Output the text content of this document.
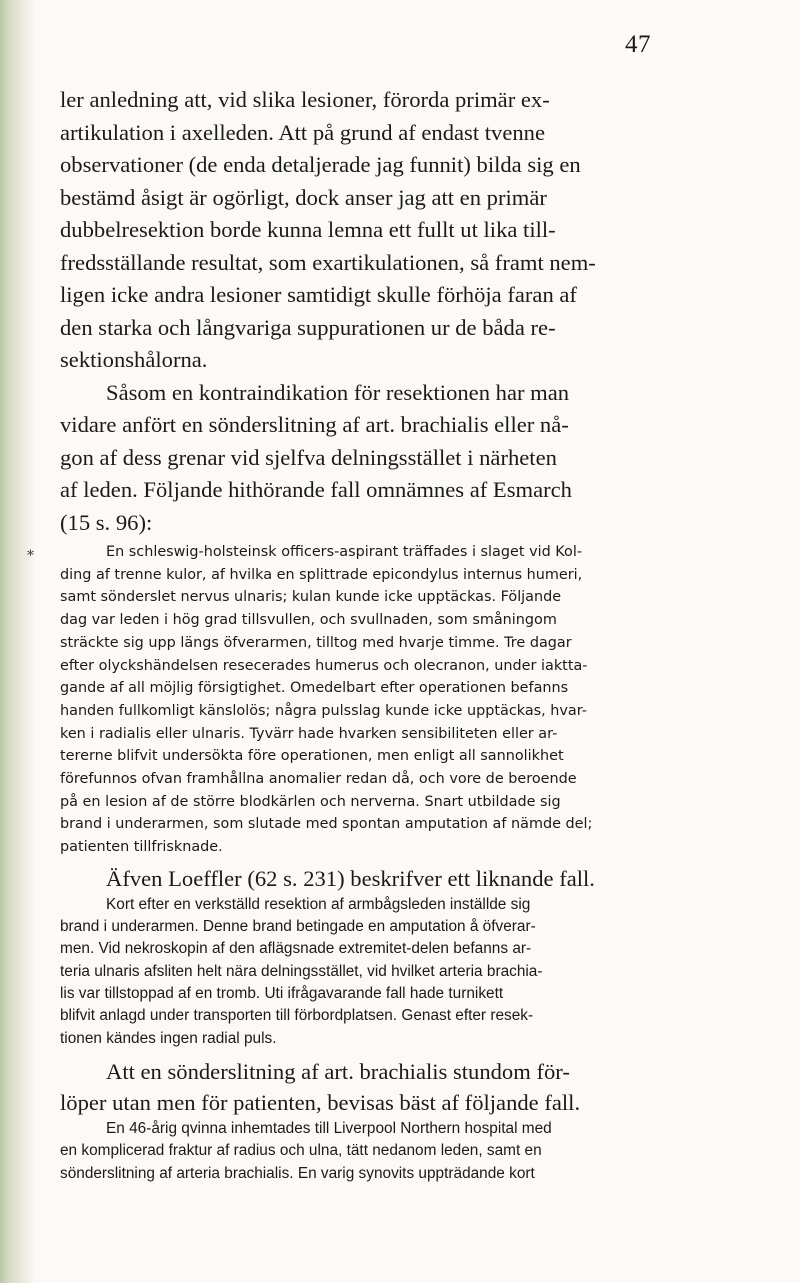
*
47
ler anledning att, vid slika lesioner, förorda primär ex-
artikulation i axelleden. Att på grund af endast tvenne
observationer (de enda detaljerade jag funnit) bilda sig en
bestämd åsigt är ogörligt, dock anser jag att en primär
dubbelresektion borde kunna lemna ett fullt ut lika till-
fredsställande resultat, som exartikulationen, så framt nem-
ligen icke andra lesioner samtidigt skulle förhöja faran af
den starka och långvariga suppurationen ur de båda re-
sektionshålorna.
Såsom en kontraindikation för resektionen har man
vidare anfört en sönderslitning af art. brachialis eller nå-
gon af dess grenar vid sjelfva delningsstället i närheten
af leden. Följande hithörande fall omnämnes af Esmarch
(15 s. 96):
En schleswig-holsteinsk officers-aspirant träffades i slaget vid Kol-
ding af trenne kulor, af hvilka en splittrade epicondylus internus humeri,
samt sönderslet nervus ulnaris; kulan kunde icke upptäckas. Följande
dag var leden i hög grad tillsvullen, och svullnaden, som småningom
sträckte sig upp längs öfverarmen, tilltog med hvarje timme. Tre dagar
efter olyckshändelsen resecerades humerus och olecranon, under iaktta-
gande af all möjlig försigtighet. Omedelbart efter operationen befanns
handen fullkomligt känslolös; några pulsslag kunde icke upptäckas, hvar-
ken i radialis eller ulnaris. Tyvärr hade hvarken sensibiliteten eller ar-
tererne blifvit undersökta före operationen, men enligt all sannolikhet
förefunnos ofvan framhållna anomalier redan då, och vore de beroende
på en lesion af de större blodkärlen och nerverna. Snart utbildade sig
brand i underarmen, som slutade med spontan amputation af nämde del;
patienten tillfrisknade.
Äfven Loeffler (62 s. 231) beskrifver ett liknande fall.
Kort efter en verkställd resektion af armbågsleden inställde sig
brand i underarmen. Denne brand betingade en amputation å öfverar-
men. Vid nekroskopin af den aflägsnade extremitet-delen befanns ar-
teria ulnaris afsliten helt nära delningsstället, vid hvilket arteria brachia-
lis var tillstoppad af en tromb. Uti ifrågavarande fall hade turnikett
blifvit anlagd under transporten till förbordplatsen. Genast efter resek-
tionen kändes ingen radial puls.
Att en sönderslitning af art. brachialis stundom för-
löper utan men för patienten, bevisas bäst af följande fall.
En 46-årig qvinna inhemtades till Liverpool Northern hospital med
en komplicerad fraktur af radius och ulna, tätt nedanom leden, samt en
sönderslitning af arteria brachialis. En varig synovits uppträdande kort
